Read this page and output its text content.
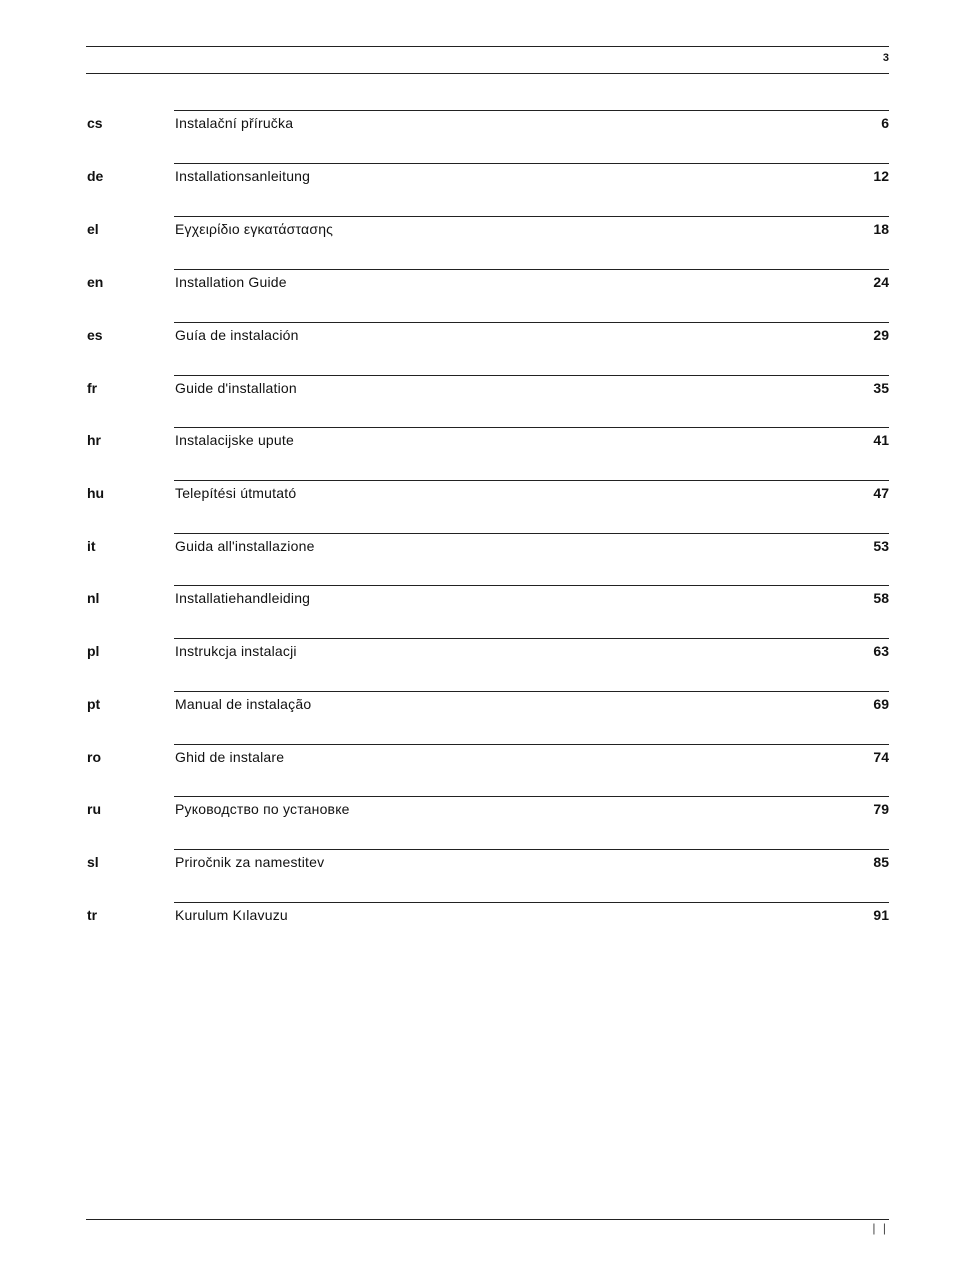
3
cs	Instalační příručka	6
de	Installationsanleitung	12
el	Εγχειρίδιο εγκατάστασης	18
en	Installation Guide	24
es	Guía de instalación	29
fr	Guide d'installation	35
hr	Instalacijske upute	41
hu	Telepítési útmutató	47
it	Guida all'installazione	53
nl	Installatiehandleiding	58
pl	Instrukcja instalacji	63
pt	Manual de instalação	69
ro	Ghid de instalare	74
ru	Руководство по установке	79
sl	Priročnik za namestitev	85
tr	Kurulum Kılavuzu	91
| |
